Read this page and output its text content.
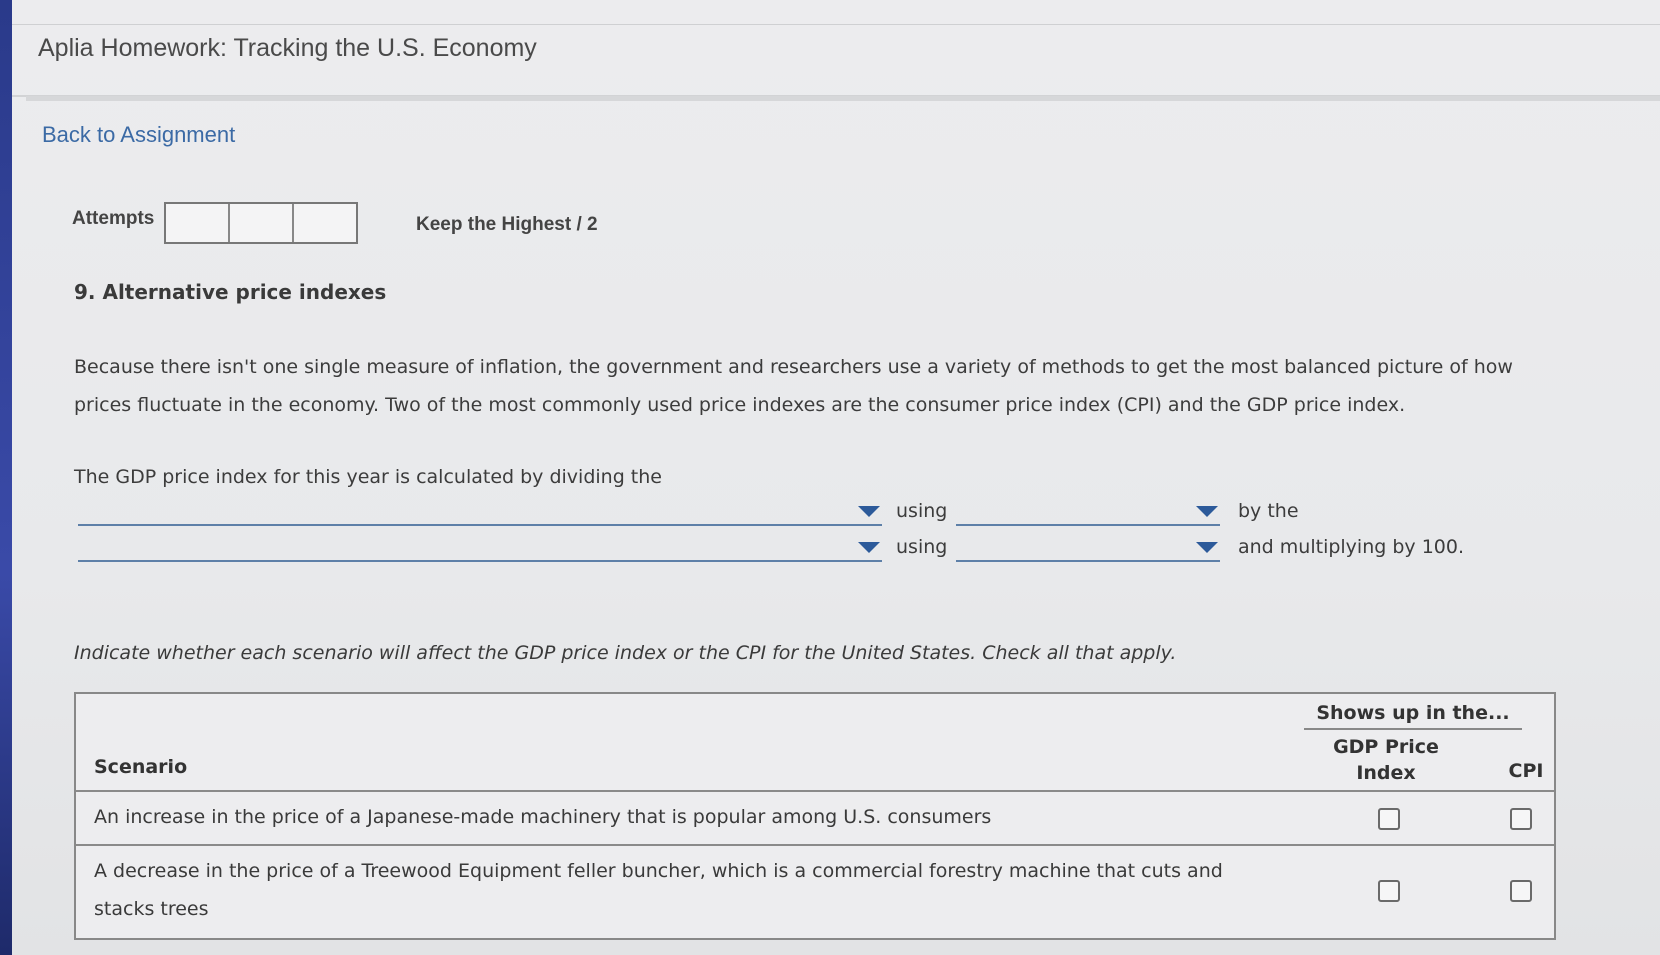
Aplia Homework: Tracking the U.S. Economy
Back to Assignment
Attempts	Keep the Highest / 2
9. Alternative price indexes
Because there isn't one single measure of inflation, the government and researchers use a variety of methods to get the most balanced picture of how prices fluctuate in the economy. Two of the most commonly used price indexes are the consumer price index (CPI) and the GDP price index.
The GDP price index for this year is calculated by dividing the
using	by the
using	and multiplying by 100.
Indicate whether each scenario will affect the GDP price index or the CPI for the United States. Check all that apply.
Scenario
Shows up in the...
GDP Price Index	CPI
An increase in the price of a Japanese-made machinery that is popular among U.S. consumers
A decrease in the price of a Treewood Equipment feller buncher, which is a commercial forestry machine that cuts and stacks trees
